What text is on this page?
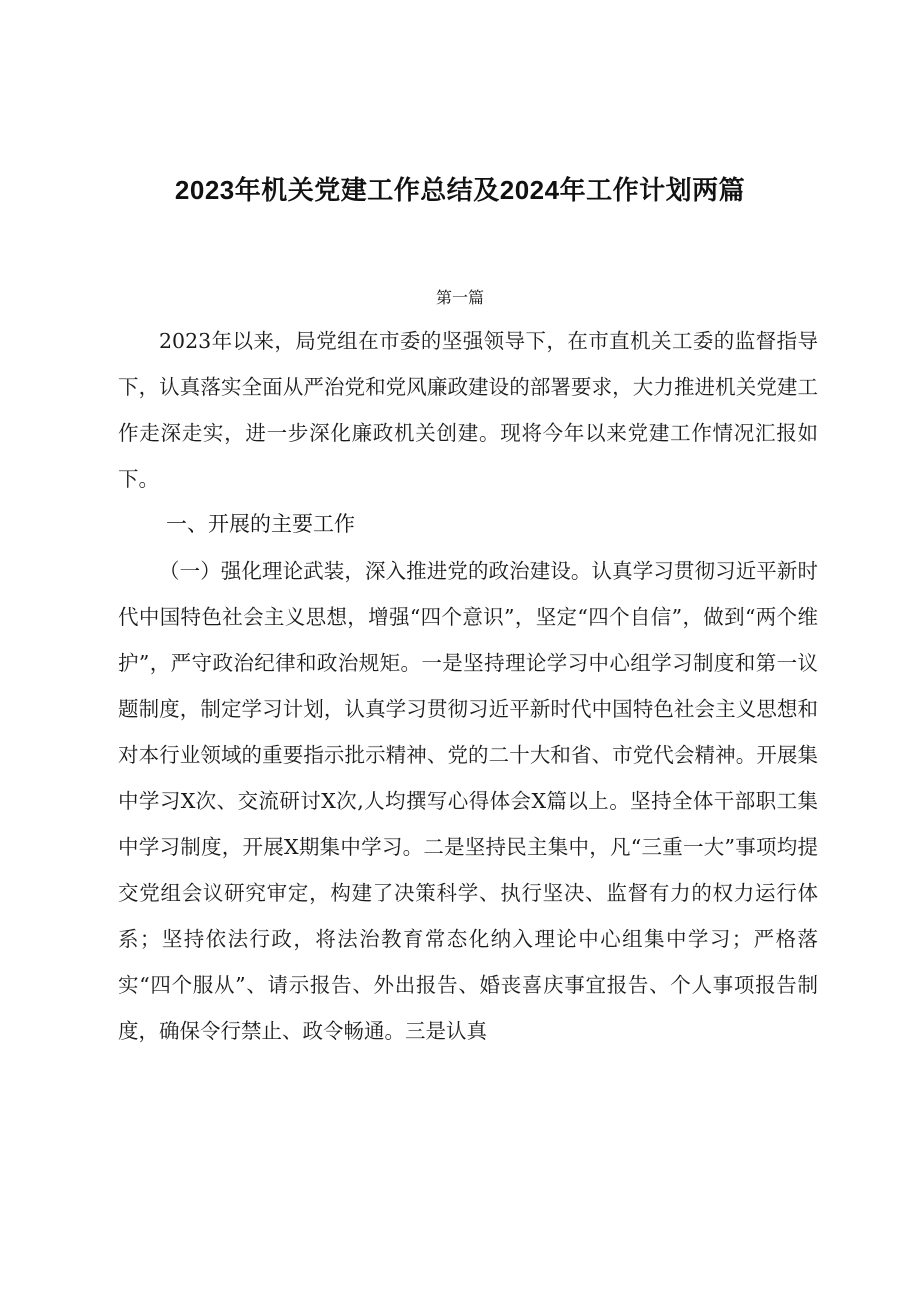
2023年机关党建工作总结及2024年工作计划两篇
第一篇

2023年以来，局党组在市委的坚强领导下，在市直机关工委的监督指导下，认真落实全面从严治党和党风廉政建设的部署要求，大力推进机关党建工作走深走实，进一步深化廉政机关创建。现将今年以来党建工作情况汇报如下。

一、开展的主要工作

（一）强化理论武装，深入推进党的政治建设。认真学习贯彻习近平新时代中国特色社会主义思想，增强“四个意识”，坚定“四个自信”，做到“两个维护”，严守政治纪律和政治规矩。一是坚持理论学习中心组学习制度和第一议题制度，制定学习计划，认真学习贯彻习近平新时代中国特色社会主义思想和对本行业领域的重要指示批示精神、党的二十大和省、市党代会精神。开展集中学习X次、交流研讨X次,人均撰写心得体会X篇以上。坚持全体干部职工集中学习制度，开展X期集中学习。二是坚持民主集中，凡“三重一大”事项均提交党组会议研究审定，构建了决策科学、执行坚决、监督有力的权力运行体系；坚持依法行政，将法治教育常态化纳入理论中心组集中学习；严格落实“四个服从”、请示报告、外出报告、婚丧喜庆事宜报告、个人事项报告制度，确保令行禁止、政令畅通。三是认真
